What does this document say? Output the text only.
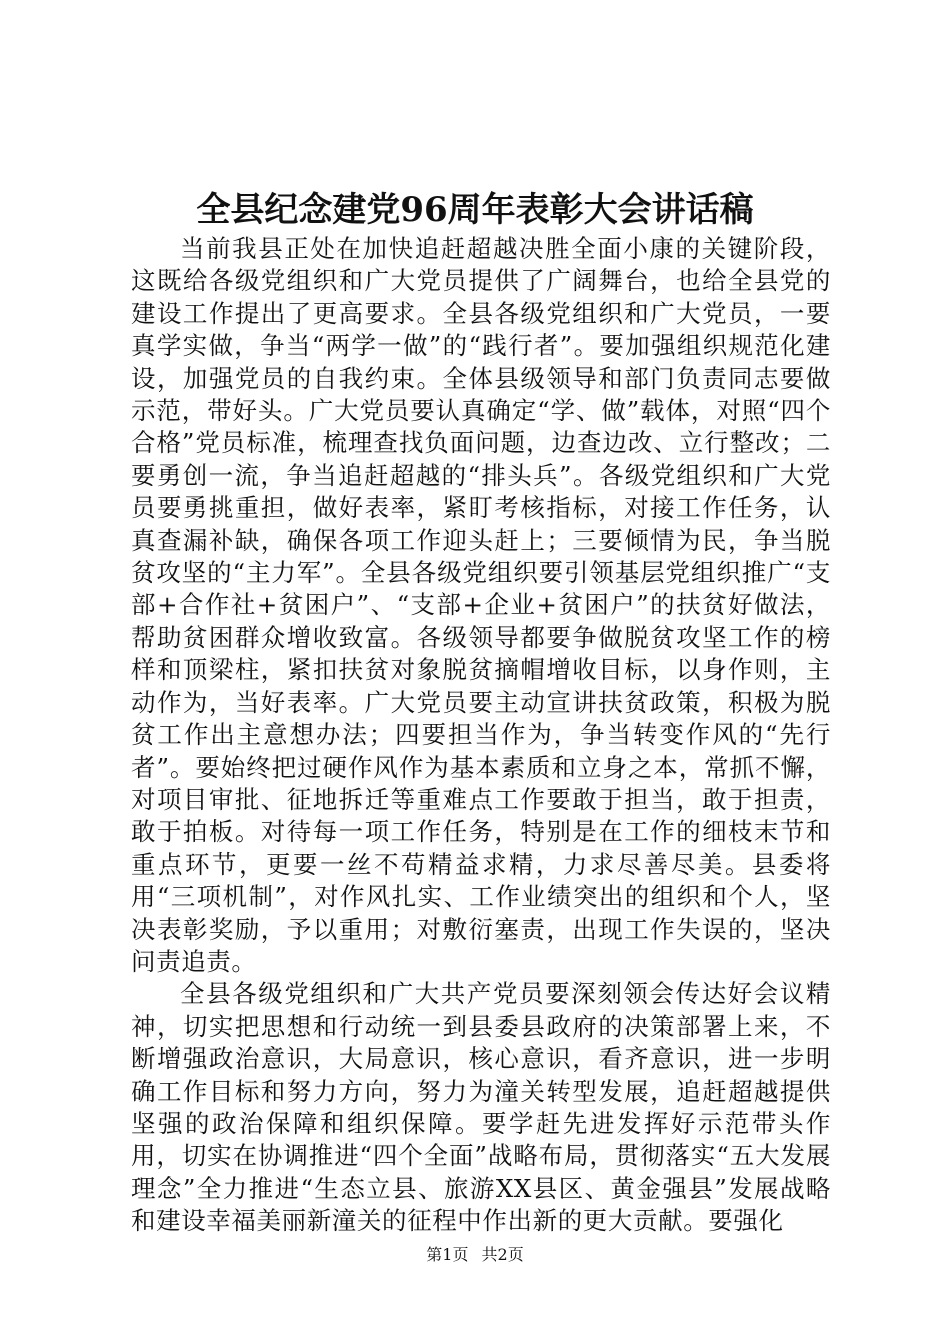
全县纪念建党96周年表彰大会讲话稿

当前我县正处在加快追赶超越决胜全面小康的关键阶段，这既给各级党组织和广大党员提供了广阔舞台，也给全县党的建设工作提出了更高要求。全县各级党组织和广大党员，一要真学实做，争当“两学一做”的“践行者”。要加强组织规范化建设，加强党员的自我约束。全体县级领导和部门负责同志要做示范，带好头。广大党员要认真确定“学、做”载体，对照“四个合格”党员标准，梳理查找负面问题，边查边改、立行整改；二要勇创一流，争当追赶超越的“排头兵”。各级党组织和广大党员要勇挑重担，做好表率，紧盯考核指标，对接工作任务，认真查漏补缺，确保各项工作迎头赶上；三要倾情为民，争当脱贫攻坚的“主力军”。全县各级党组织要引领基层党组织推广“支部+合作社+贫困户”、“支部+企业+贫困户”的扶贫好做法，帮助贫困群众增收致富。各级领导都要争做脱贫攻坚工作的榜样和顶梁柱，紧扣扶贫对象脱贫摘帽增收目标，以身作则，主动作为，当好表率。广大党员要主动宣讲扶贫政策，积极为脱贫工作出主意想办法；四要担当作为，争当转变作风的“先行者”。要始终把过硬作风作为基本素质和立身之本，常抓不懈，对项目审批、征地拆迁等重难点工作要敢于担当，敢于担责，敢于拍板。对待每一项工作任务，特别是在工作的细枝末节和重点环节，更要一丝不苟精益求精，力求尽善尽美。县委将用“三项机制”，对作风扎实、工作业绩突出的组织和个人，坚决表彰奖励，予以重用；对敷衍塞责，出现工作失误的，坚决问责追责。

全县各级党组织和广大共产党员要深刻领会传达好会议精神，切实把思想和行动统一到县委县政府的决策部署上来，不断增强政治意识，大局意识，核心意识，看齐意识，进一步明确工作目标和努力方向，努力为潼关转型发展，追赶超越提供坚强的政治保障和组织保障。要学赶先进发挥好示范带头作用，切实在协调推进“四个全面”战略布局，贯彻落实“五大发展理念”全力推进“生态立县、旅游XX县区、黄金强县”发展战略和建设幸福美丽新潼关的征程中作出新的更大贡献。要强化

第1页 共2页
